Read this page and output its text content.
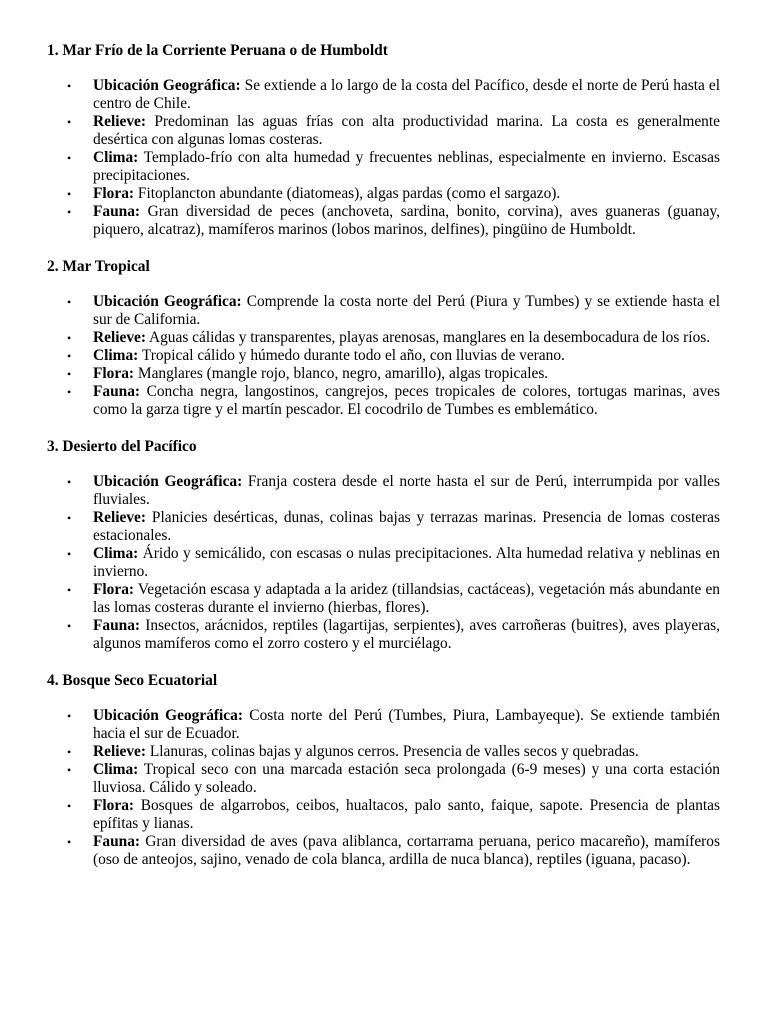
1. Mar Frío de la Corriente Peruana o de Humboldt
• Ubicación Geográfica: Se extiende a lo largo de la costa del Pacífico, desde el norte de Perú hasta el centro de Chile.
• Relieve: Predominan las aguas frías con alta productividad marina. La costa es generalmente desértica con algunas lomas costeras.
• Clima: Templado-frío con alta humedad y frecuentes neblinas, especialmente en invierno. Escasas precipitaciones.
• Flora: Fitoplancton abundante (diatomeas), algas pardas (como el sargazo).
• Fauna: Gran diversidad de peces (anchoveta, sardina, bonito, corvina), aves guaneras (guanay, piquero, alcatraz), mamíferos marinos (lobos marinos, delfines), pingüino de Humboldt.
2. Mar Tropical
• Ubicación Geográfica: Comprende la costa norte del Perú (Piura y Tumbes) y se extiende hasta el sur de California.
• Relieve: Aguas cálidas y transparentes, playas arenosas, manglares en la desembocadura de los ríos.
• Clima: Tropical cálido y húmedo durante todo el año, con lluvias de verano.
• Flora: Manglares (mangle rojo, blanco, negro, amarillo), algas tropicales.
• Fauna: Concha negra, langostinos, cangrejos, peces tropicales de colores, tortugas marinas, aves como la garza tigre y el martín pescador. El cocodrilo de Tumbes es emblemático.
3. Desierto del Pacífico
• Ubicación Geográfica: Franja costera desde el norte hasta el sur de Perú, interrumpida por valles fluviales.
• Relieve: Planicies desérticas, dunas, colinas bajas y terrazas marinas. Presencia de lomas costeras estacionales.
• Clima: Árido y semicálido, con escasas o nulas precipitaciones. Alta humedad relativa y neblinas en invierno.
• Flora: Vegetación escasa y adaptada a la aridez (tillandsias, cactáceas), vegetación más abundante en las lomas costeras durante el invierno (hierbas, flores).
• Fauna: Insectos, arácnidos, reptiles (lagartijas, serpientes), aves carroñeras (buitres), aves playeras, algunos mamíferos como el zorro costero y el murciélago.
4. Bosque Seco Ecuatorial
• Ubicación Geográfica: Costa norte del Perú (Tumbes, Piura, Lambayeque). Se extiende también hacia el sur de Ecuador.
• Relieve: Llanuras, colinas bajas y algunos cerros. Presencia de valles secos y quebradas.
• Clima: Tropical seco con una marcada estación seca prolongada (6-9 meses) y una corta estación lluviosa. Cálido y soleado.
• Flora: Bosques de algarrobos, ceibos, hualtacos, palo santo, faique, sapote. Presencia de plantas epífitas y lianas.
• Fauna: Gran diversidad de aves (pava aliblanca, cortarrama peruana, perico macareño), mamíferos (oso de anteojos, sajino, venado de cola blanca, ardilla de nuca blanca), reptiles (iguana, pacaso).
